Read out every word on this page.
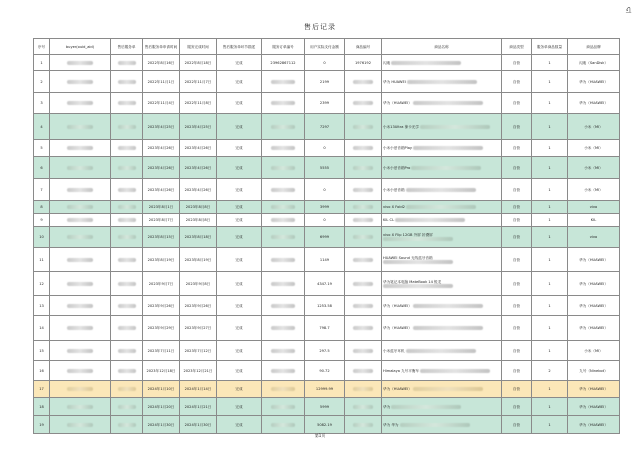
ঢ
售后记录
序号	buyer(ouid_aid)	售后服务单	售后服务单申请时间	服务完成时间	售后服务单环节描述	服务订单编号	用户实际支付金额	商品编号	商品名称	商品类型	服务单商品数量	商品品牌
1			2022年8月16日	2022年8月18日	完成	23962867112	0	1976192	闪迪	自营	1	闪迪（SanDisk）
2			2022年11月1日	2022年11月7日	完成		2199		华为 HUAWEI	自营	1	华为（HUAWEI）
3			2022年11月4日	2022年11月8日	完成		2399		华为（HUAWEI）	自营	1	华为（HUAWEI）
4			2023年4月25日	2023年4月25日	完成		7297		小米13Ultra 徕卡光学	自营	1	小米（MI）
5			2023年4月26日	2023年4月26日	完成		0		小米小爱音箱Play	自营	1	小米（MI）
6			2023年4月26日	2023年4月26日	完成		5555		小米小爱音箱Pro	自营	1	小米（MI）
7			2023年4月26日	2023年4月26日	完成		0		小米小爱音箱	自营	1	小米（MI）
8			2023年8月1日	2023年8月8日	完成		3999		vivo X Fold2	自营	1	vivo
9			2023年8月7日	2023年8月8日	完成		0		KIL CL	自营	1	KIL
10			2023年8月15日	2023年8月18日	完成		6999		vivo X Flip 12GB 外屏 折叠屏	自营	1	vivo
11			2023年8月19日	2023年8月19日	完成		1149		HUAWEI Sound 无线蓝牙音箱	自营	1	华为（HUAWEI）
12			2023年9月7日	2023年9月8日	完成		4347.19		华为笔记本电脑 MateBook 14 锐龙	自营	1	华为（HUAWEI）
13			2023年9月26日	2023年9月26日	完成		1253.58		华为（HUAWEI）	自营	1	华为（HUAWEI）
14			2023年9月29日	2023年9月27日	完成		798.7		华为（HUAWEI）	自营	1	华为（HUAWEI）
15			2023年7月11日	2023年7月12日	完成		297.5		小米蓝牙耳机	自营	1	小米（MI）
16			2023年12月18日	2023年12月21日	完成		90.72		Himalaya 九号平衡车	自营	2	九号（Ninebot）
17			2024年1月10日	2024年1月14日	完成		12999.99		华为（HUAWEI）	自营	1	华为（HUAWEI）
18			2024年1月20日	2024年1月21日	完成		5999		华为	自营	1	华为（HUAWEI）
19			2024年1月30日	2024年1月30日	完成		5082.19		华为 华为	自营	1	华为（HUAWEI）
第1页
